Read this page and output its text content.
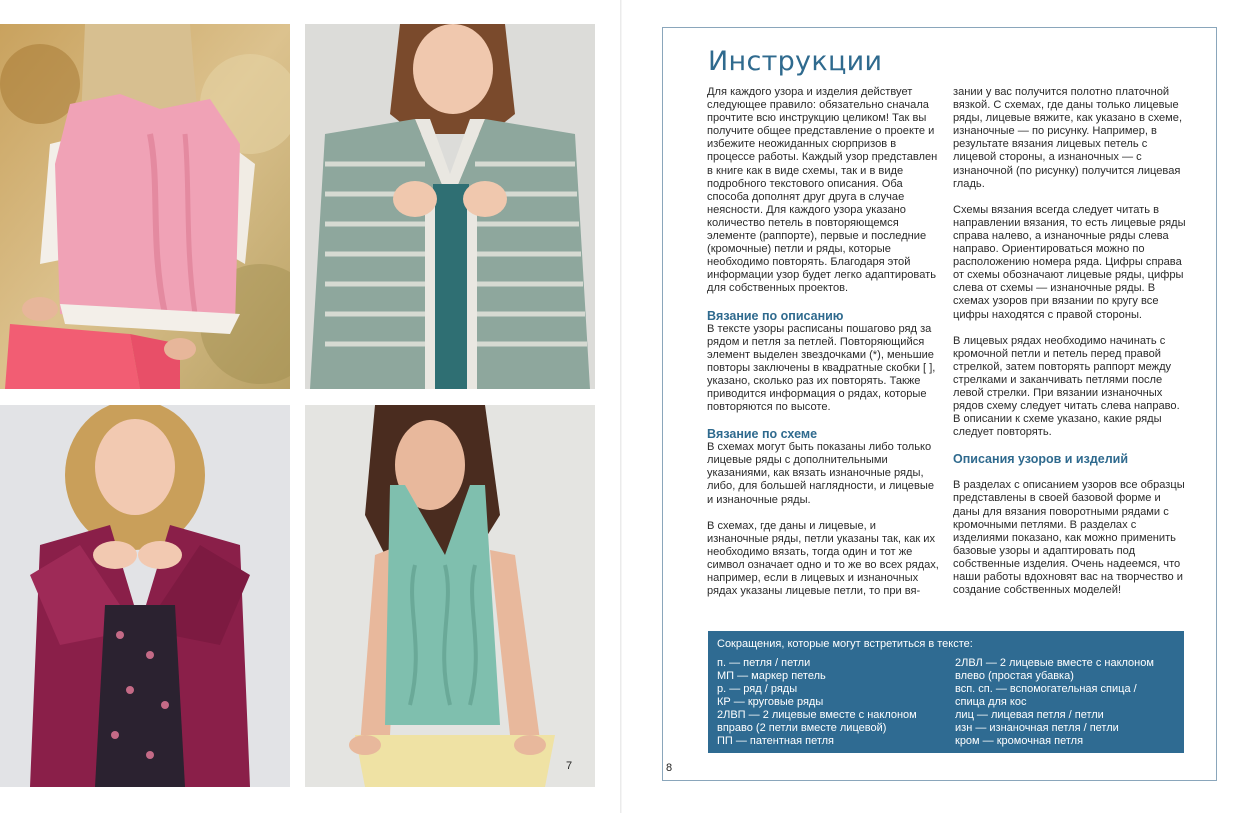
7
Инструкции

Для каждого узора и изделия действует следующее правило: обязательно сначала прочтите всю инструкцию целиком! Так вы получите общее представление о проекте и избежите неожиданных сюрпризов в процессе работы. Каждый узор представлен в книге как в виде схемы, так и в виде подробного текстового описания. Оба способа дополнят друг друга в случае неясности. Для каждого узора указано количество петель в повторяющемся элементе (раппорте), первые и последние (кромочные) петли и ряды, которые необходимо повторять. Благодаря этой информации узор будет легко адаптировать для собственных проектов.

Вязание по описанию

В тексте узоры расписаны пошагово ряд за рядом и петля за петлей. Повторяющийся элемент выделен звездочками (*), меньшие повторы заключены в квадратные скобки [ ], указано, сколько раз их повторять. Также приводится информация о рядах, которые повторяются по высоте.

Вязание по схеме

В схемах могут быть показаны либо только лицевые ряды с дополнительными указаниями, как вязать изнаночные ряды, либо, для большей наглядности, и лицевые и изнаночные ряды.

В схемах, где даны и лицевые, и изнаночные ряды, петли указаны так, как их необходимо вязать, тогда один и тот же символ означает одно и то же во всех рядах, например, если в лицевых и изнаночных рядах указаны лицевые петли, то при вя-

зании у вас получится полотно платочной вязкой. С схемах, где даны только лицевые ряды, лицевые вяжите, как указано в схеме, изнаночные — по рисунку. Например, в результате вязания лицевых петель с лицевой стороны, а изнаночных — с изнаночной (по рисунку) получится лицевая гладь.

Схемы вязания всегда следует читать в направлении вязания, то есть лицевые ряды справа налево, а изнаночные ряды слева направо. Ориентироваться можно по расположению номера ряда. Цифры справа от схемы обозначают лицевые ряды, цифры слева от схемы — изнаночные ряды. В схемах узоров при вязании по кругу все цифры находятся с правой стороны.

В лицевых рядах необходимо начинать с кромочной петли и петель перед правой стрелкой, затем повторять раппорт между стрелками и заканчивать петлями после левой стрелки. При вязании изнаночных рядов схему следует читать слева направо. В описании к схеме указано, какие ряды следует повторять.

Описания узоров и изделий

В разделах с описанием узоров все образцы представлены в своей базовой форме и даны для вязания поворотными рядами с кромочными петлями. В разделах с изделиями показано, как можно применить базовые узоры и адаптировать под собственные изделия. Очень надеемся, что наши работы вдохновят вас на творчество и создание собственных моделей!

Сокращения, которые могут встретиться в тексте:
п. — петля / петли
МП — маркер петель
р. — ряд / ряды
КР — круговые ряды
2ЛВП — 2 лицевые вместе с наклоном
вправо (2 петли вместе лицевой)
ПП — патентная петля
2ЛВЛ — 2 лицевые вместе с наклоном
влево (простая убавка)
всп. сп. — вспомогательная спица /
спица для кос
лиц — лицевая петля / петли
изн — изнаночная петля / петли
кром — кромочная петля
8
